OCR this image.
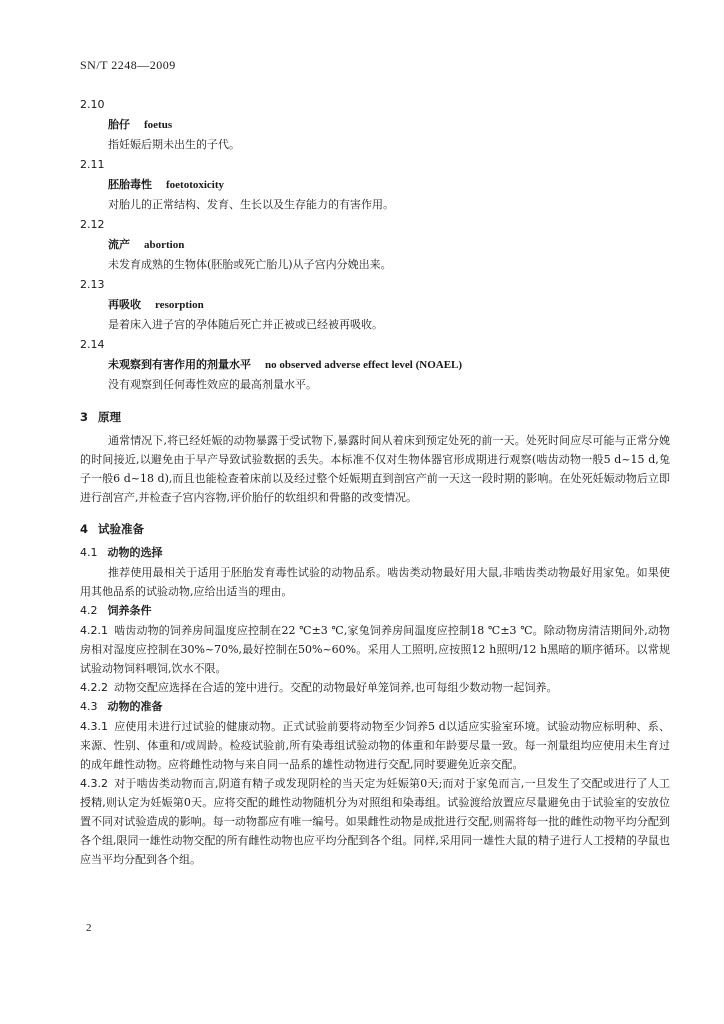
SN/T 2248—2009

2.10

胎仔 foetus

指妊娠后期未出生的子代。

2.11

胚胎毒性 foetotoxicity

对胎儿的正常结构、发育、生长以及生存能力的有害作用。

2.12

流产 abortion

未发育成熟的生物体(胚胎或死亡胎儿)从子宫内分娩出来。

2.13

再吸收 resorption

是着床入进子宫的孕体随后死亡并正被或已经被再吸收。

2.14

未观察到有害作用的剂量水平 no observed adverse effect level (NOAEL)

没有观察到任何毒性效应的最高剂量水平。

3 原理

通常情况下,将已经妊娠的动物暴露于受试物下,暴露时间从着床到预定处死的前一天。处死时间应尽可能与正常分娩的时间接近,以避免由于早产导致试验数据的丢失。本标准不仅对生物体器官形成期进行观察(啮齿动物一般5 d~15 d,兔子一般6 d~18 d),而且也能检查着床前以及经过整个妊娠期直到剖宫产前一天这一段时期的影响。在处死妊娠动物后立即进行剖宫产,并检查子宫内容物,评价胎仔的软组织和骨骼的改变情况。

4 试验准备

4.1 动物的选择

推荐使用最相关于适用于胚胎发育毒性试验的动物品系。啮齿类动物最好用大鼠,非啮齿类动物最好用家兔。如果使用其他品系的试验动物,应给出适当的理由。

4.2 饲养条件

4.2.1 啮齿动物的饲养房间温度应控制在22 ℃±3 ℃,家兔饲养房间温度应控制18 ℃±3 ℃。除动物房清洁期间外,动物房相对湿度应控制在30%~70%,最好控制在50%~60%。采用人工照明,应按照12 h照明/12 h黑暗的顺序循环。以常规试验动物饲料喂饲,饮水不限。

4.2.2 动物交配应选择在合适的笼中进行。交配的动物最好单笼饲养,也可每组少数动物一起饲养。

4.3 动物的准备

4.3.1 应使用未进行过试验的健康动物。正式试验前要将动物至少饲养5 d以适应实验室环境。试验动物应标明种、系、来源、性别、体重和/或周龄。检疫试验前,所有染毒组试验动物的体重和年龄要尽量一致。每一剂量组均应使用未生育过的成年雌性动物。应将雌性动物与来自同一品系的雄性动物进行交配,同时要避免近亲交配。

4.3.2 对于啮齿类动物而言,阴道有精子或发现阴栓的当天定为妊娠第0天;而对于家兔而言,一旦发生了交配或进行了人工授精,则认定为妊娠第0天。应将交配的雌性动物随机分为对照组和染毒组。试验渡给放置应尽量避免由于试验室的安放位置不同对试验造成的影响。每一动物都应有唯一编号。如果雌性动物是成批进行交配,则需将每一批的雌性动物平均分配到各个组,限同一雄性动物交配的所有雌性动物也应平均分配到各个组。同样,采用同一雄性大鼠的精子进行人工授精的孕鼠也应当平均分配到各个组。

2
